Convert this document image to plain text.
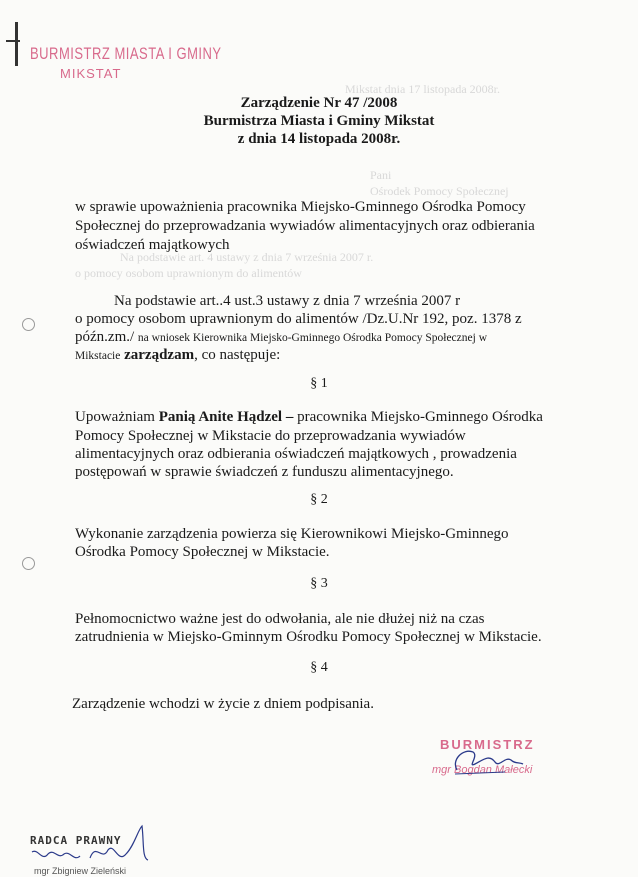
Mikstat dnia 17 listopada 2008r.
Pani
Ośrodek Pomocy Społecznej
Na podstawie art. 4 ustawy z dnia 7 września 2007 r.
o pomocy osobom uprawnionym do alimentów
BURMISTRZ MIASTA I GMINY
MIKSTAT
Zarządzenie Nr 47 /2008
Burmistrza Miasta i Gminy Mikstat
z dnia 14 listopada 2008r.
w sprawie upoważnienia pracownika Miejsko-Gminnego Ośrodka Pomocy
Społecznej do przeprowadzania wywiadów alimentacyjnych oraz odbierania
oświadczeń majątkowych
Na podstawie art..4 ust.3 ustawy z dnia 7 września 2007 r
o pomocy osobom uprawnionym do alimentów /Dz.U.Nr 192, poz. 1378 z
późn.zm./ na wniosek Kierownika Miejsko-Gminnego Ośrodka Pomocy Społecznej w
Mikstacie zarządzam, co następuje:
§ 1
Upoważniam Panią Anite Hądzel – pracownika Miejsko-Gminnego Ośrodka
Pomocy Społecznej w Mikstacie do przeprowadzania wywiadów
alimentacyjnych oraz odbierania oświadczeń majątkowych , prowadzenia
postępowań w sprawie świadczeń z funduszu alimentacyjnego.
§ 2
Wykonanie zarządzenia powierza się Kierownikowi Miejsko-Gminnego
Ośrodka Pomocy Społecznej w Mikstacie.
§ 3
Pełnomocnictwo ważne jest do odwołania, ale nie dłużej niż na czas
zatrudnienia w Miejsko-Gminnym Ośrodku Pomocy Społecznej w Mikstacie.
§ 4
Zarządzenie wchodzi w życie z dniem podpisania.
BURMISTRZ
mgr Bogdan Małecki
RADCA PRAWNY
mgr Zbigniew Zieleński
